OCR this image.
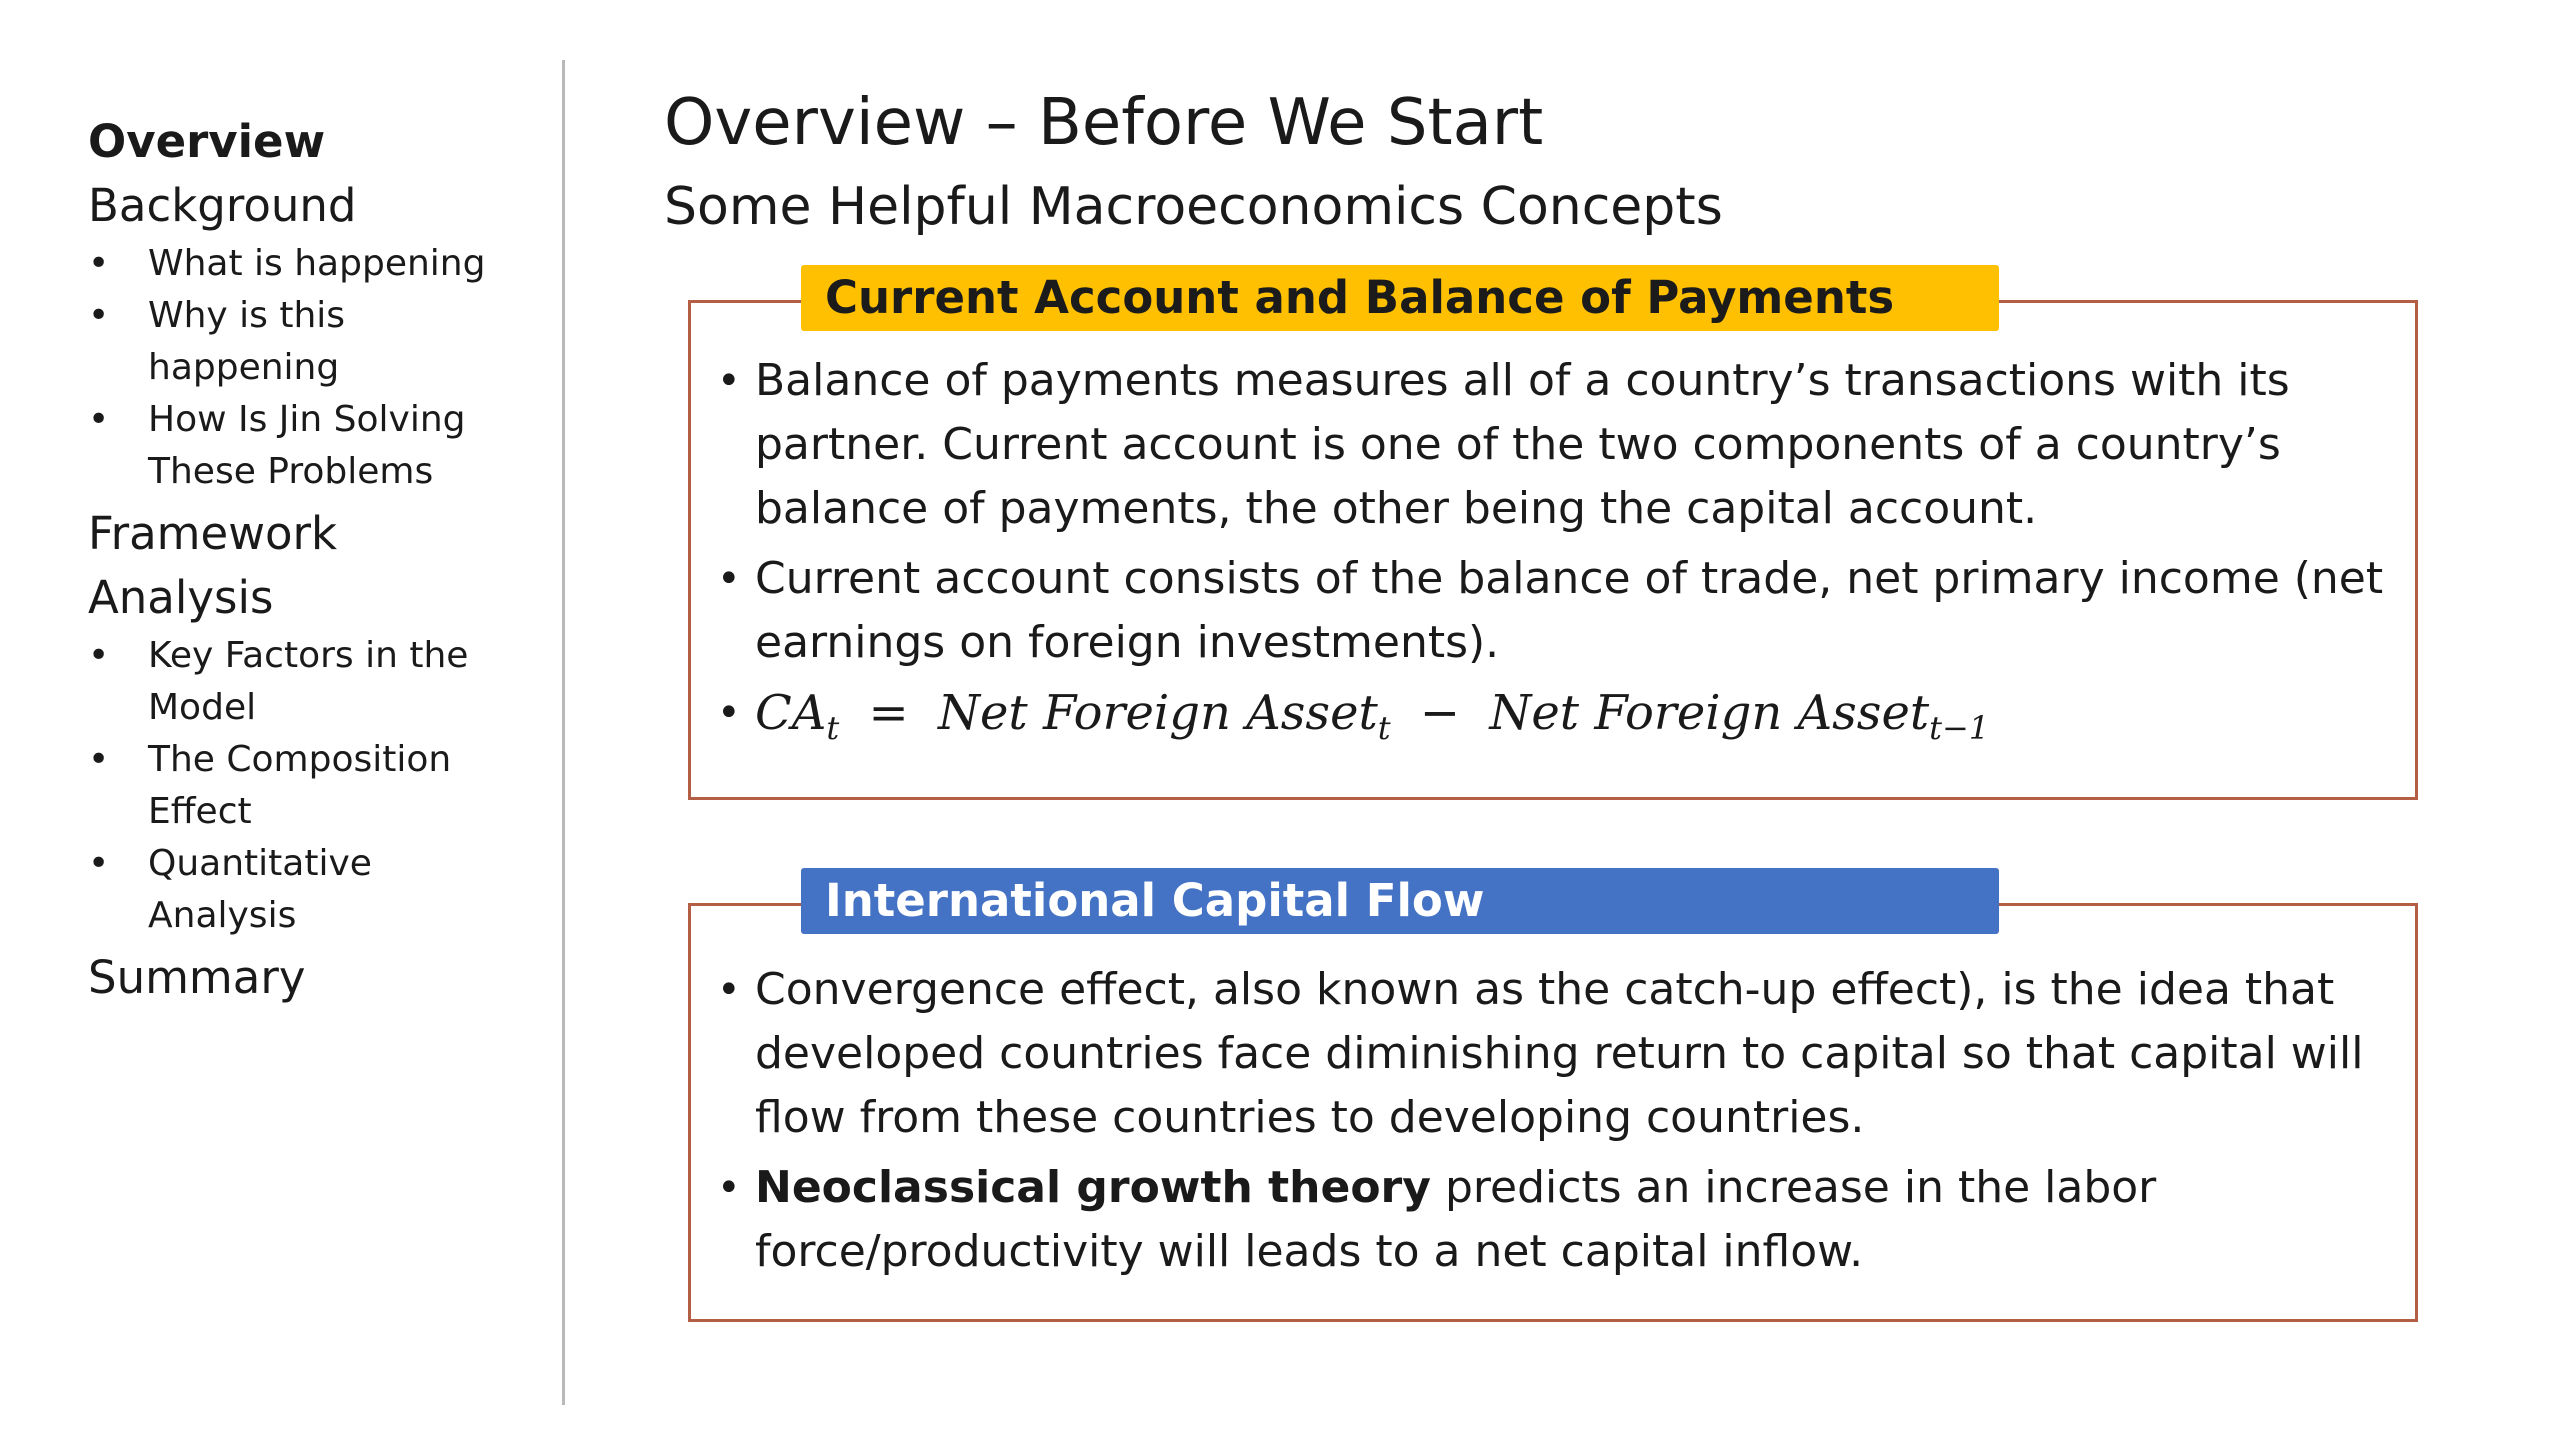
Overview
Background
• What is happening
• Why is this happening
• How Is Jin Solving These Problems
Framework
Analysis
• Key Factors in the Model
• The Composition Effect
• Quantitative Analysis
Summary
Overview – Before We Start
Some Helpful Macroeconomics Concepts
Current Account and Balance of Payments
• Balance of payments measures all of a country’s transactions with its partner. Current account is one of the two components of a country’s balance of payments, the other being the capital account.
• Current account consists of the balance of trade, net primary income (net earnings on foreign investments).
• $CA_t$ = Net Foreign Asset$_t$ − Net Foreign Asset$_{t-1}$
International Capital Flow
• Convergence effect, also known as the catch-up effect), is the idea that developed countries face diminishing return to capital so that capital will flow from these countries to developing countries.
• Neoclassical growth theory predicts an increase in the labor force/productivity will leads to a net capital inflow.
